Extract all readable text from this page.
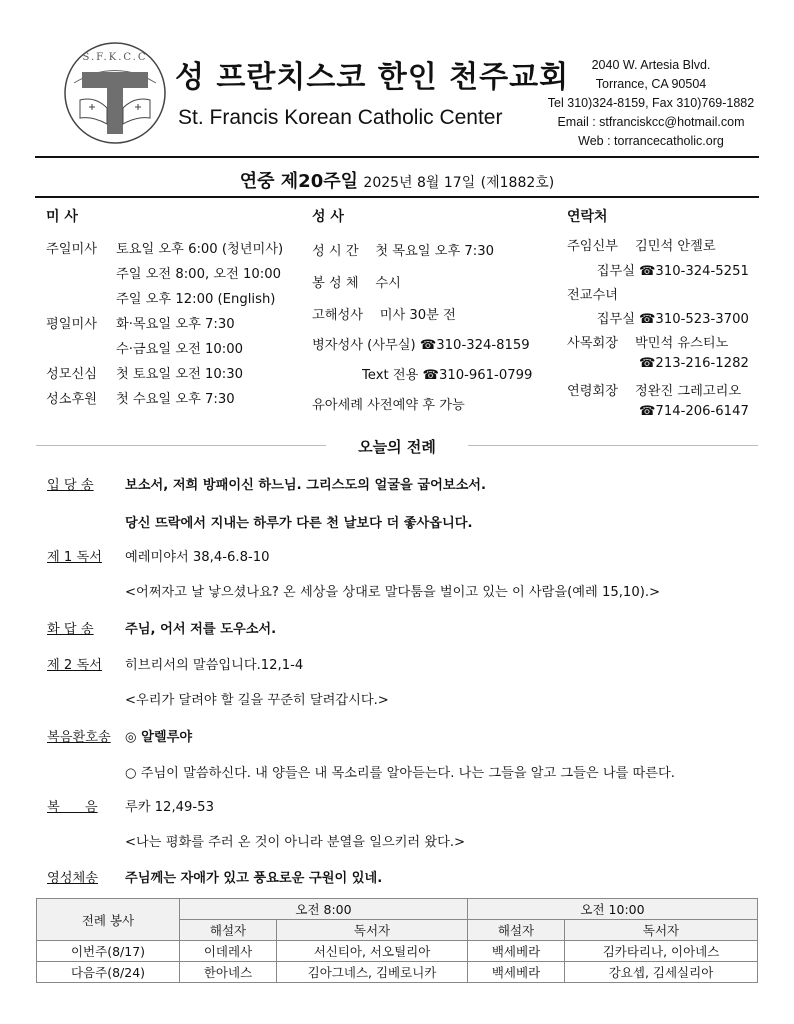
S.F.K.C.C
성 프란치스코 한인 천주교회
St. Francis Korean Catholic Center
2040 W. Artesia Blvd.
Torrance, CA 90504
Tel 310)324-8159, Fax 310)769-1882
Email : stfranciskcc@hotmail.com
Web : torrancecatholic.org
연중 제20주일 2025년 8월 17일 (제1882호)
미 사
주일미사 토요일 오후 6:00 (청년미사)
주일 오전 8:00, 오전 10:00
주일 오후 12:00 (English)
평일미사 화·목요일 오후 7:30
수·금요일 오전 10:00
성모신심 첫 토요일 오전 10:30
성소후원 첫 수요일 오후 7:30
성 사
성 시 간    첫 목요일 오후 7:30
봉 성 체    수시
고해성사    미사 30분 전
병자성사 (사무실) ☎310-324-8159
Text 전용 ☎310-961-0799
유아세례 사전예약 후 가능
연락처
주임신부 김민석 안젤로
집무실 ☎310-324-5251
전교수녀
집무실 ☎310-523-3700
사목회장 박민석 유스티노
☎213-216-1282
연령회장 정완진 그레고리오
☎714-206-6147
오늘의 전례
입 당 송 보소서, 저희 방패이신 하느님. 그리스도의 얼굴을 굽어보소서.
당신 뜨락에서 지내는 하루가 다른 천 날보다 더 좋사옵니다.
제 1 독서 예레미야서 38,4-6.8-10
<어쩌자고 날 낳으셨나요? 온 세상을 상대로 말다툼을 벌이고 있는 이 사람을(예레 15,10).>
화 답 송 주님, 어서 저를 도우소서.
제 2 독서 히브리서의 말씀입니다.12,1-4
<우리가 달려야 할 길을 꾸준히 달려갑시다.>
복음환호송 ◎ 알렐루야
○ 주님이 말씀하신다. 내 양들은 내 목소리를 알아듣는다. 나는 그들을 알고 그들은 나를 따른다.
복      음 루카 12,49-53
<나는 평화를 주러 온 것이 아니라 분열을 일으키러 왔다.>
영성체송 주님께는 자애가 있고 풍요로운 구원이 있네.
전례 봉사	오전 8:00		오전 10:00	
	해설자	독서자	해설자	독서자
이번주(8/17)	이데레사	서신티아, 서오틸리아	백세베라	김카타리나, 이아네스
다음주(8/24)	한아네스	김아그네스, 김베로니카	백세베라	강요셉, 김세실리아
